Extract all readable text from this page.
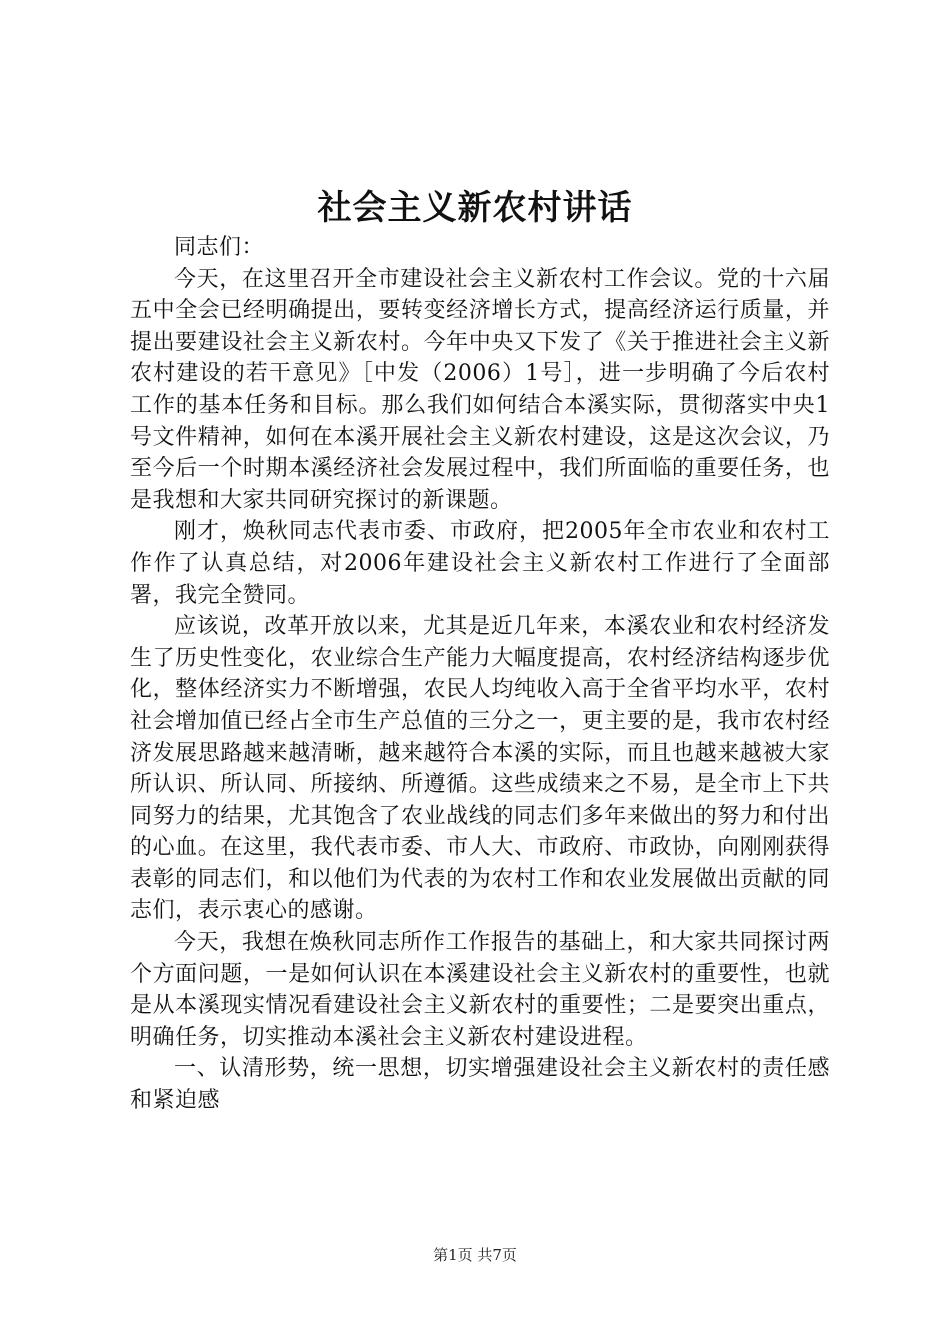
社会主义新农村讲话

同志们：

今天，在这里召开全市建设社会主义新农村工作会议。党的十六届五中全会已经明确提出，要转变经济增长方式，提高经济运行质量，并提出要建设社会主义新农村。今年中央又下发了《关于推进社会主义新农村建设的若干意见》［中发（2006）1号］，进一步明确了今后农村工作的基本任务和目标。那么我们如何结合本溪实际，贯彻落实中央1号文件精神，如何在本溪开展社会主义新农村建设，这是这次会议，乃至今后一个时期本溪经济社会发展过程中，我们所面临的重要任务，也是我想和大家共同研究探讨的新课题。

刚才，焕秋同志代表市委、市政府，把2005年全市农业和农村工作作了认真总结，对2006年建设社会主义新农村工作进行了全面部署，我完全赞同。

应该说，改革开放以来，尤其是近几年来，本溪农业和农村经济发生了历史性变化，农业综合生产能力大幅度提高，农村经济结构逐步优化，整体经济实力不断增强，农民人均纯收入高于全省平均水平，农村社会增加值已经占全市生产总值的三分之一，更主要的是，我市农村经济发展思路越来越清晰，越来越符合本溪的实际，而且也越来越被大家所认识、所认同、所接纳、所遵循。这些成绩来之不易，是全市上下共同努力的结果，尤其饱含了农业战线的同志们多年来做出的努力和付出的心血。在这里，我代表市委、市人大、市政府、市政协，向刚刚获得表彰的同志们，和以他们为代表的为农村工作和农业发展做出贡献的同志们，表示衷心的感谢。

今天，我想在焕秋同志所作工作报告的基础上，和大家共同探讨两个方面问题，一是如何认识在本溪建设社会主义新农村的重要性，也就是从本溪现实情况看建设社会主义新农村的重要性；二是要突出重点，明确任务，切实推动本溪社会主义新农村建设进程。

一、认清形势，统一思想，切实增强建设社会主义新农村的责任感和紧迫感

第1页 共7页
